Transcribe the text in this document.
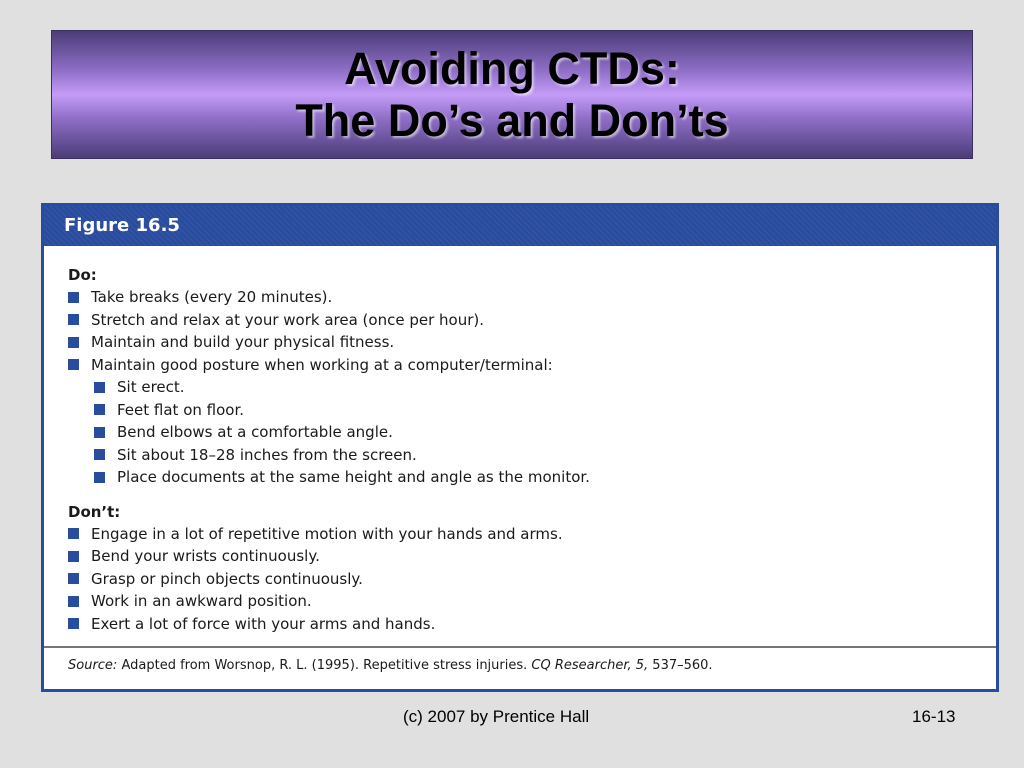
Avoiding CTDs:
The Do’s and Don’ts
Figure 16.5
Do:
Take breaks (every 20 minutes).
Stretch and relax at your work area (once per hour).
Maintain and build your physical fitness.
Maintain good posture when working at a computer/terminal:
Sit erect.
Feet flat on floor.
Bend elbows at a comfortable angle.
Sit about 18–28 inches from the screen.
Place documents at the same height and angle as the monitor.
Don’t:
Engage in a lot of repetitive motion with your hands and arms.
Bend your wrists continuously.
Grasp or pinch objects continuously.
Work in an awkward position.
Exert a lot of force with your arms and hands.
Source: Adapted from Worsnop, R. L. (1995). Repetitive stress injuries. CQ Researcher, 5, 537–560.
(c) 2007 by Prentice Hall	16-13
